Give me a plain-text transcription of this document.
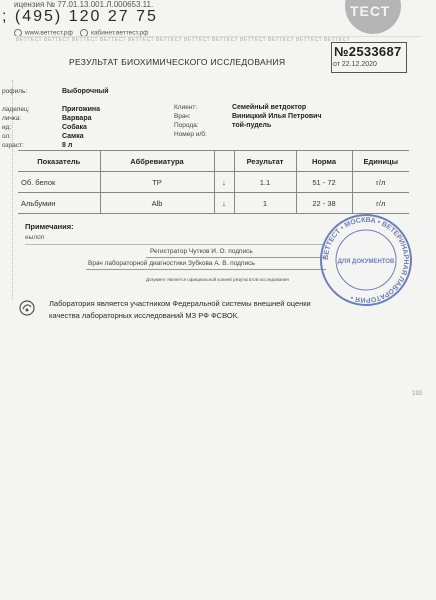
ицензия № 77.01.13.001.Л.000653.11.
; (495) 120 27 75
www.веттест.рф	кабинет.веттест.рф
ТЕСТ
ВЕТТЕСТ ВЕТТЕСТ ВЕТТЕСТ ВЕТТЕСТ ВЕТТЕСТ ВЕТТЕСТ ВЕТТЕСТ ВЕТТЕСТ ВЕТТЕСТ ВЕТТЕСТ ВЕТТЕСТ ВЕТТЕСТ
№2533687
от 22.12.2020
РЕЗУЛЬТАТ БИОХИМИЧЕСКОГО ИССЛЕДОВАНИЯ
рофиль:	Выборочный
ладелец:	Пригожина
личка:	Варвара
ид:	Собака
ол:	Самка
озраст:	8 л
Клиент:	Семейный ветдоктор
Врач:	Виницкий Илья Петрович
Порода:	той-пудель
Номер и/б:
Показатель	Аббревиатура		Результат	Норма	Единицы
Об. белок	TP	↓	1.1	51 - 72	г/л
Альбумин	Alb	↓	1	22 - 38	г/л
Примечания:
еылоп
Регистратор Чутков И. О. подпись
Врач лабораторной диагностики Зубкова А. В. подпись
Документ является официальной копией результатов исследования
ВЕТТЕСТ • МОСКВА • ВЕТЕРИНАРНАЯ ЛАБОРАТОРИЯ •
ДЛЯ ДОКУМЕНТОВ
Лаборатория является участником Федеральной системы внешней оценки качества лабораторных исследований МЗ РФ ФСВОК.
193
